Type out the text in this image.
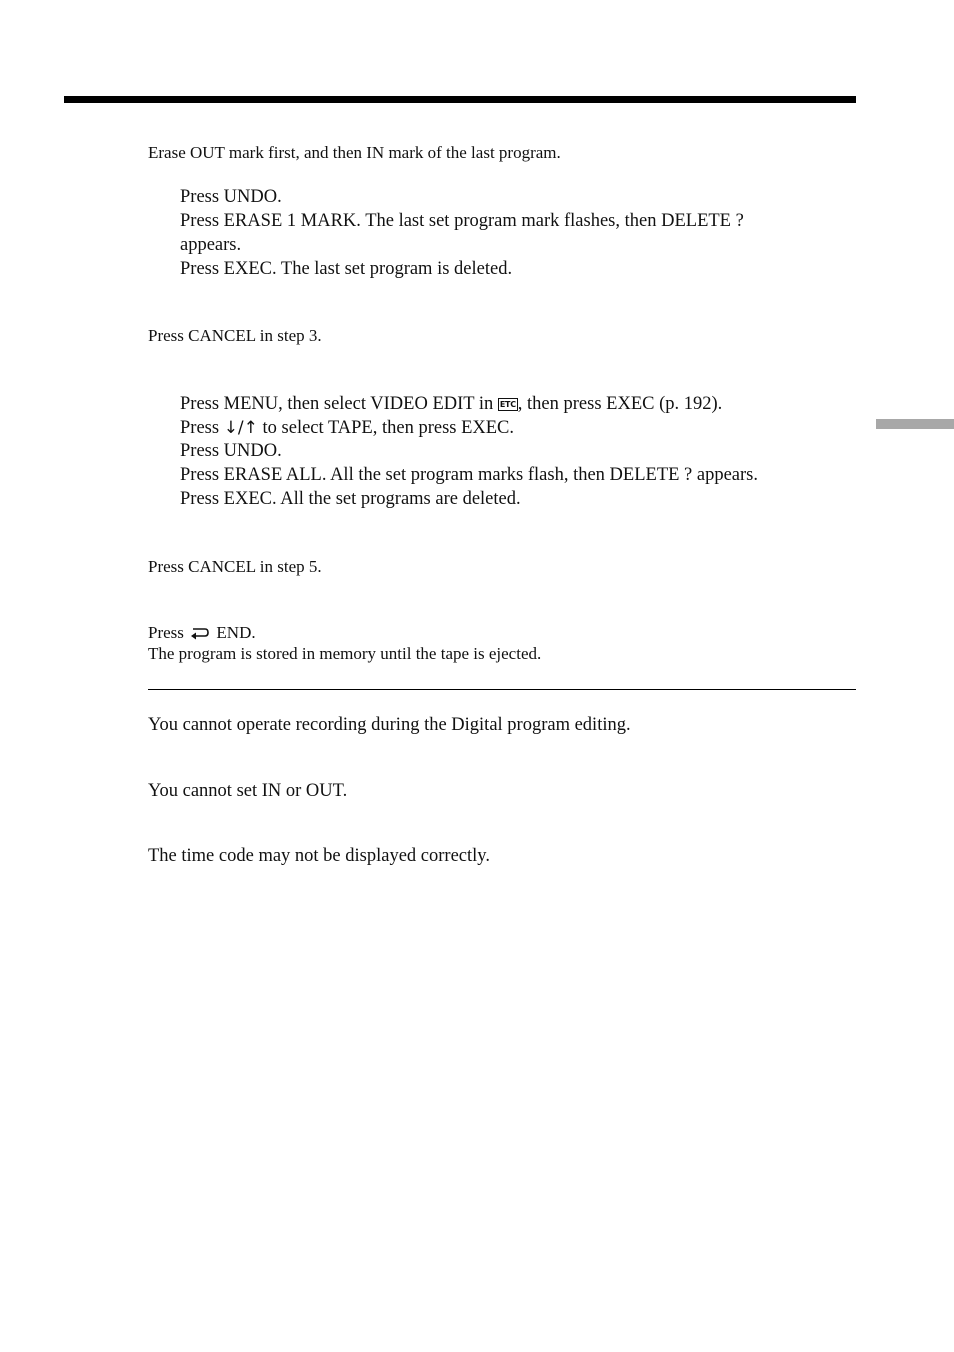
Erase OUT mark first, and then IN mark of the last program.
Press UNDO.
Press ERASE 1 MARK. The last set program mark flashes, then DELETE ?
appears.
Press EXEC. The last set program is deleted.
Press CANCEL in step 3.
Press MENU, then select VIDEO EDIT in ETC , then press EXEC (p. 192).
Press ↓/↑ to select TAPE, then press EXEC.
Press UNDO.
Press ERASE ALL. All the set program marks flash, then DELETE ? appears.
Press EXEC. All the set programs are deleted.
Press CANCEL in step 5.
Press  END.
The program is stored in memory until the tape is ejected.
You cannot operate recording during the Digital program editing.
You cannot set IN or OUT.
The time code may not be displayed correctly.
